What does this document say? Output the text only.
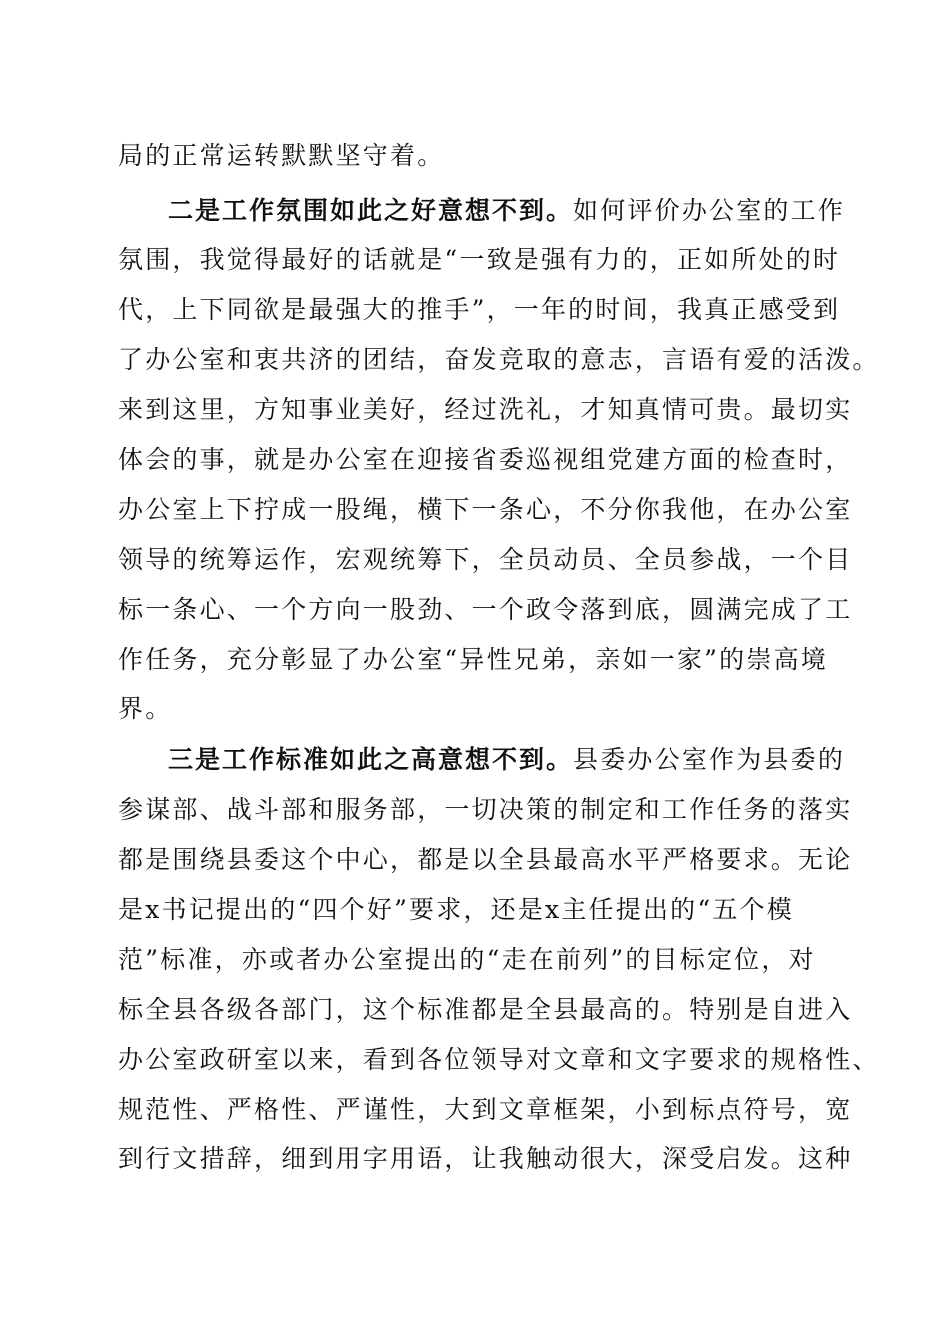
局的正常运转默默坚守着。
二是工作氛围如此之好意想不到。如何评价办公室的工作
氛围，我觉得最好的话就是“一致是强有力的，正如所处的时
代，上下同欲是最强大的推手”，一年的时间，我真正感受到
了办公室和衷共济的团结，奋发竞取的意志，言语有爱的活泼。
来到这里，方知事业美好，经过洗礼，才知真情可贵。最切实
体会的事，就是办公室在迎接省委巡视组党建方面的检查时，
办公室上下拧成一股绳，横下一条心，不分你我他，在办公室
领导的统筹运作，宏观统筹下，全员动员、全员参战，一个目
标一条心、一个方向一股劲、一个政令落到底，圆满完成了工
作任务，充分彰显了办公室“异性兄弟，亲如一家”的崇高境
界。
三是工作标准如此之高意想不到。县委办公室作为县委的
参谋部、战斗部和服务部，一切决策的制定和工作任务的落实
都是围绕县委这个中心，都是以全县最高水平严格要求。无论
是x书记提出的“四个好”要求，还是x主任提出的“五个模
范”标准，亦或者办公室提出的“走在前列”的目标定位，对
标全县各级各部门，这个标准都是全县最高的。特别是自进入
办公室政研室以来，看到各位领导对文章和文字要求的规格性、
规范性、严格性、严谨性，大到文章框架，小到标点符号，宽
到行文措辞，细到用字用语，让我触动很大，深受启发。这种
